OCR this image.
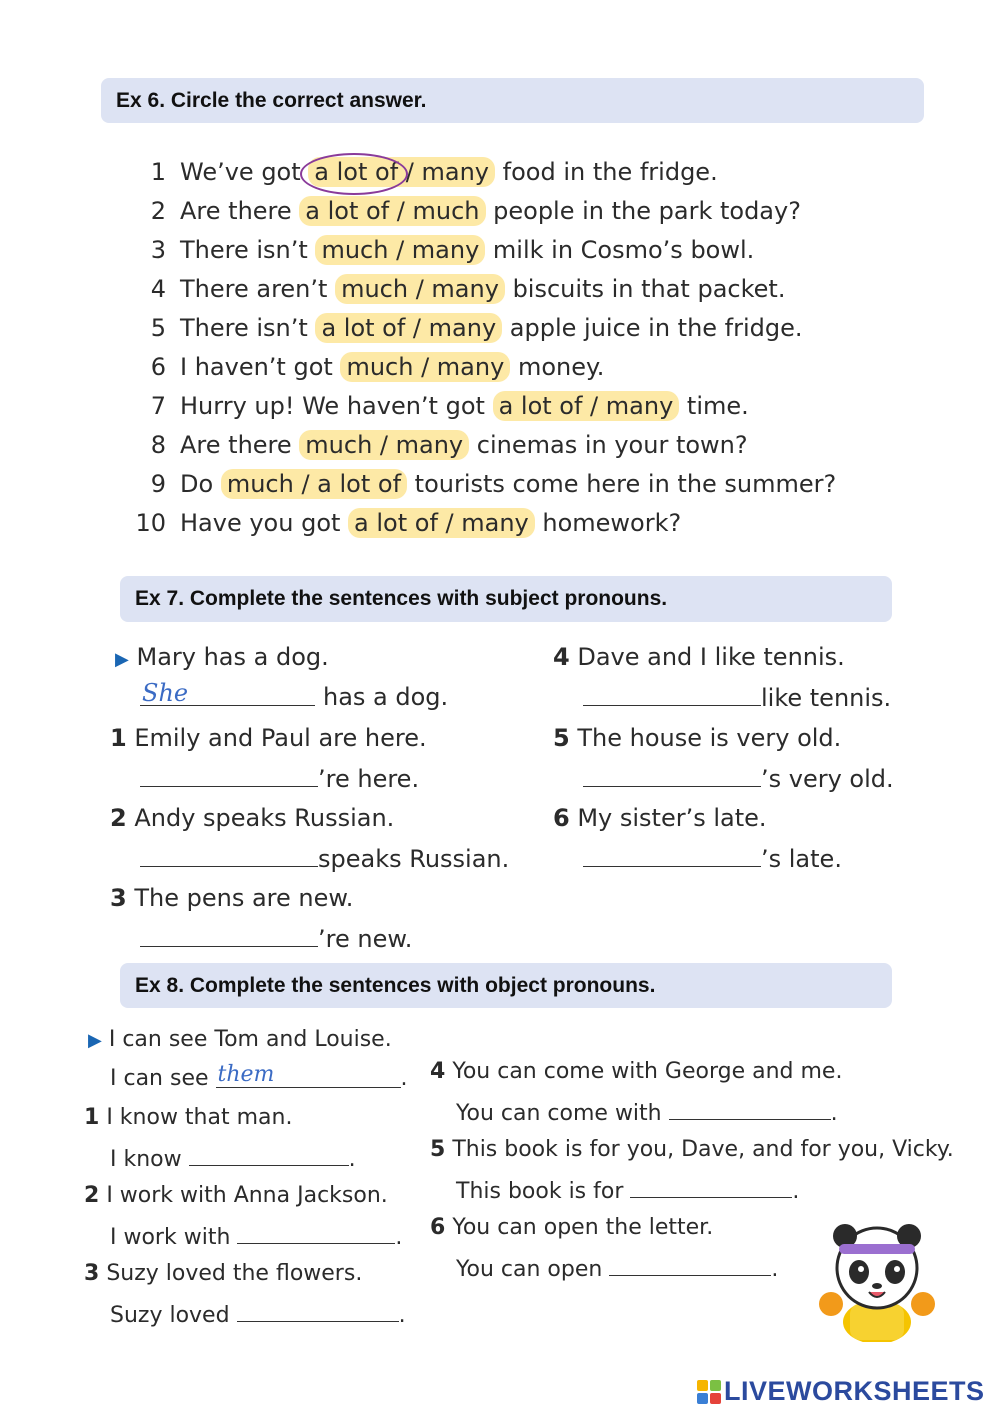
Ex 6. Circle the correct answer.
1 We’ve got a lot of / many food in the fridge.
2 Are there a lot of / much people in the park today?
3 There isn’t much / many milk in Cosmo’s bowl.
4 There aren’t much / many biscuits in that packet.
5 There isn’t a lot of / many apple juice in the fridge.
6 I haven’t got much / many money.
7 Hurry up! We haven’t got a lot of / many time.
8 Are there much / many cinemas in your town?
9 Do much / a lot of tourists come here in the summer?
10 Have you got a lot of / many homework?
Ex 7. Complete the sentences with subject pronouns.
▶ Mary has a dog.
She	has a dog.
1 Emily and Paul are here.
’re here.
2 Andy speaks Russian.
speaks Russian.
3 The pens are new.
’re new.
4 Dave and I like tennis.
like tennis.
5 The house is very old.
’s very old.
6 My sister’s late.
’s late.
Ex 8. Complete the sentences with object pronouns.
▶ I can see Tom and Louise.
I can see them	.
1 I know that man.
I know	.
2 I work with Anna Jackson.
I work with	.
3 Suzy loved the flowers.
Suzy loved	.
4 You can come with George and me.
You can come with	.
5 This book is for you, Dave, and for you, Vicky.
This book is for	.
6 You can open the letter.
You can open	.
LIVEWORKSHEETS
